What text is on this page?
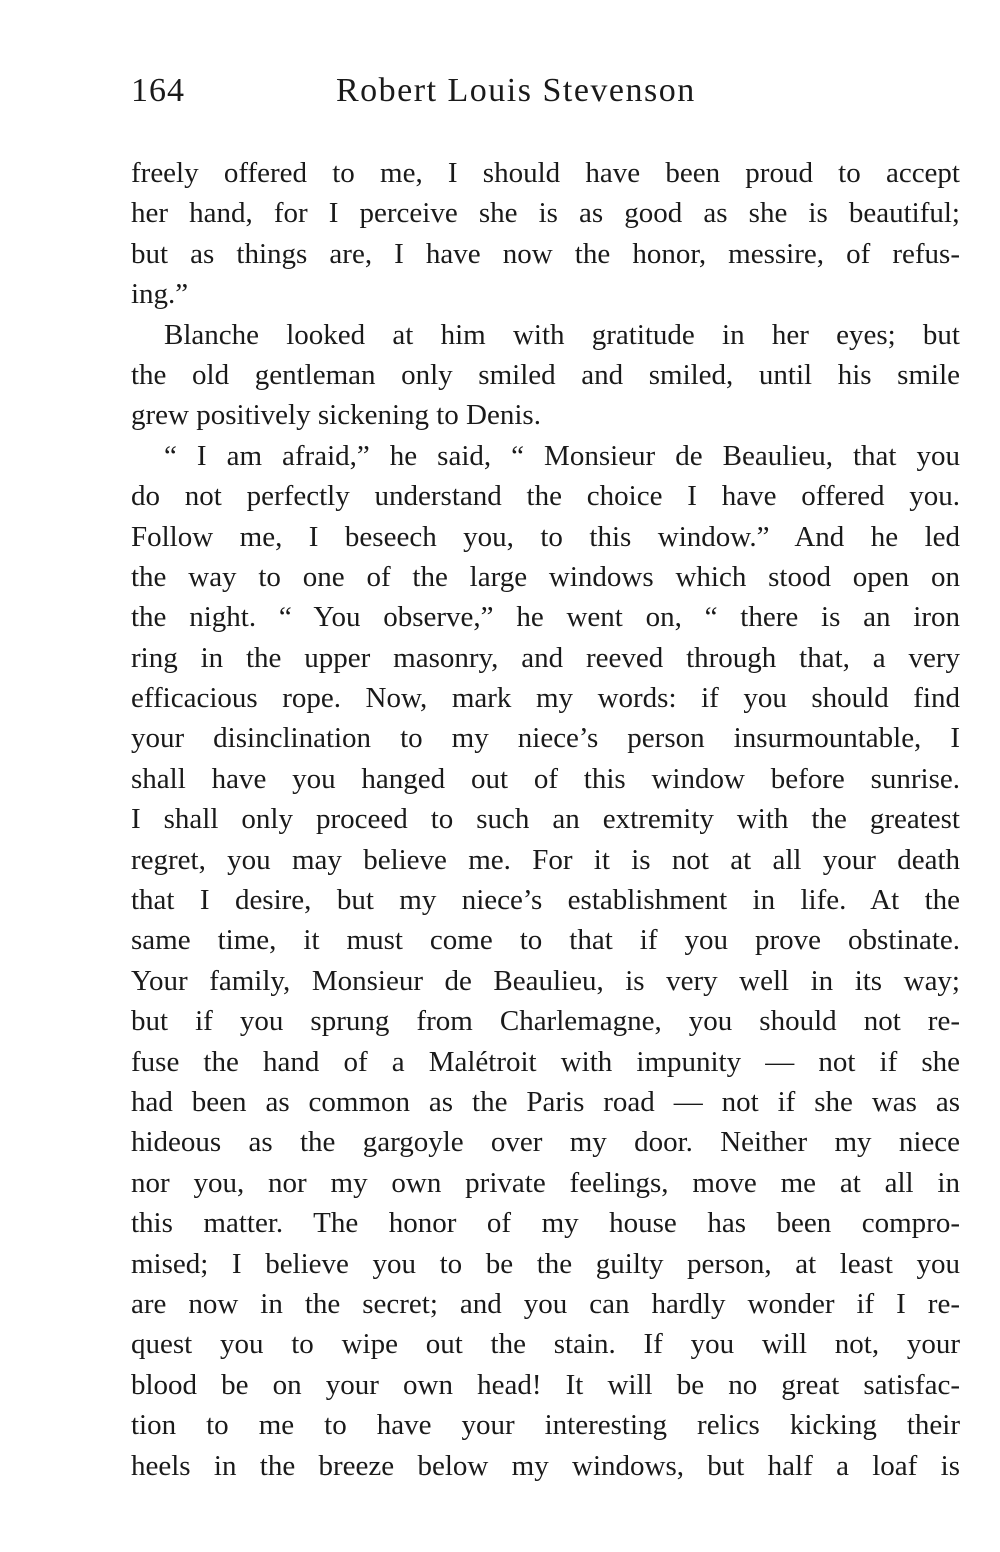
164	Robert Louis Stevenson
freely offered to me, I should have been proud to accept
her hand, for I perceive she is as good as she is beautiful;
but as things are, I have now the honor, messire, of refus-
ing.”
Blanche looked at him with gratitude in her eyes; but
the old gentleman only smiled and smiled, until his smile
grew positively sickening to Denis.
“ I am afraid,” he said, “ Monsieur de Beaulieu, that you
do not perfectly understand the choice I have offered you.
Follow me, I beseech you, to this window.” And he led
the way to one of the large windows which stood open on
the night. “ You observe,” he went on, “ there is an iron
ring in the upper masonry, and reeved through that, a very
efficacious rope. Now, mark my words: if you should find
your disinclination to my niece’s person insurmountable, I
shall have you hanged out of this window before sunrise.
I shall only proceed to such an extremity with the greatest
regret, you may believe me. For it is not at all your death
that I desire, but my niece’s establishment in life. At the
same time, it must come to that if you prove obstinate.
Your family, Monsieur de Beaulieu, is very well in its way;
but if you sprung from Charlemagne, you should not re-
fuse the hand of a Malétroit with impunity — not if she
had been as common as the Paris road — not if she was as
hideous as the gargoyle over my door. Neither my niece
nor you, nor my own private feelings, move me at all in
this matter. The honor of my house has been compro-
mised; I believe you to be the guilty person, at least you
are now in the secret; and you can hardly wonder if I re-
quest you to wipe out the stain. If you will not, your
blood be on your own head! It will be no great satisfac-
tion to me to have your interesting relics kicking their
heels in the breeze below my windows, but half a loaf is
